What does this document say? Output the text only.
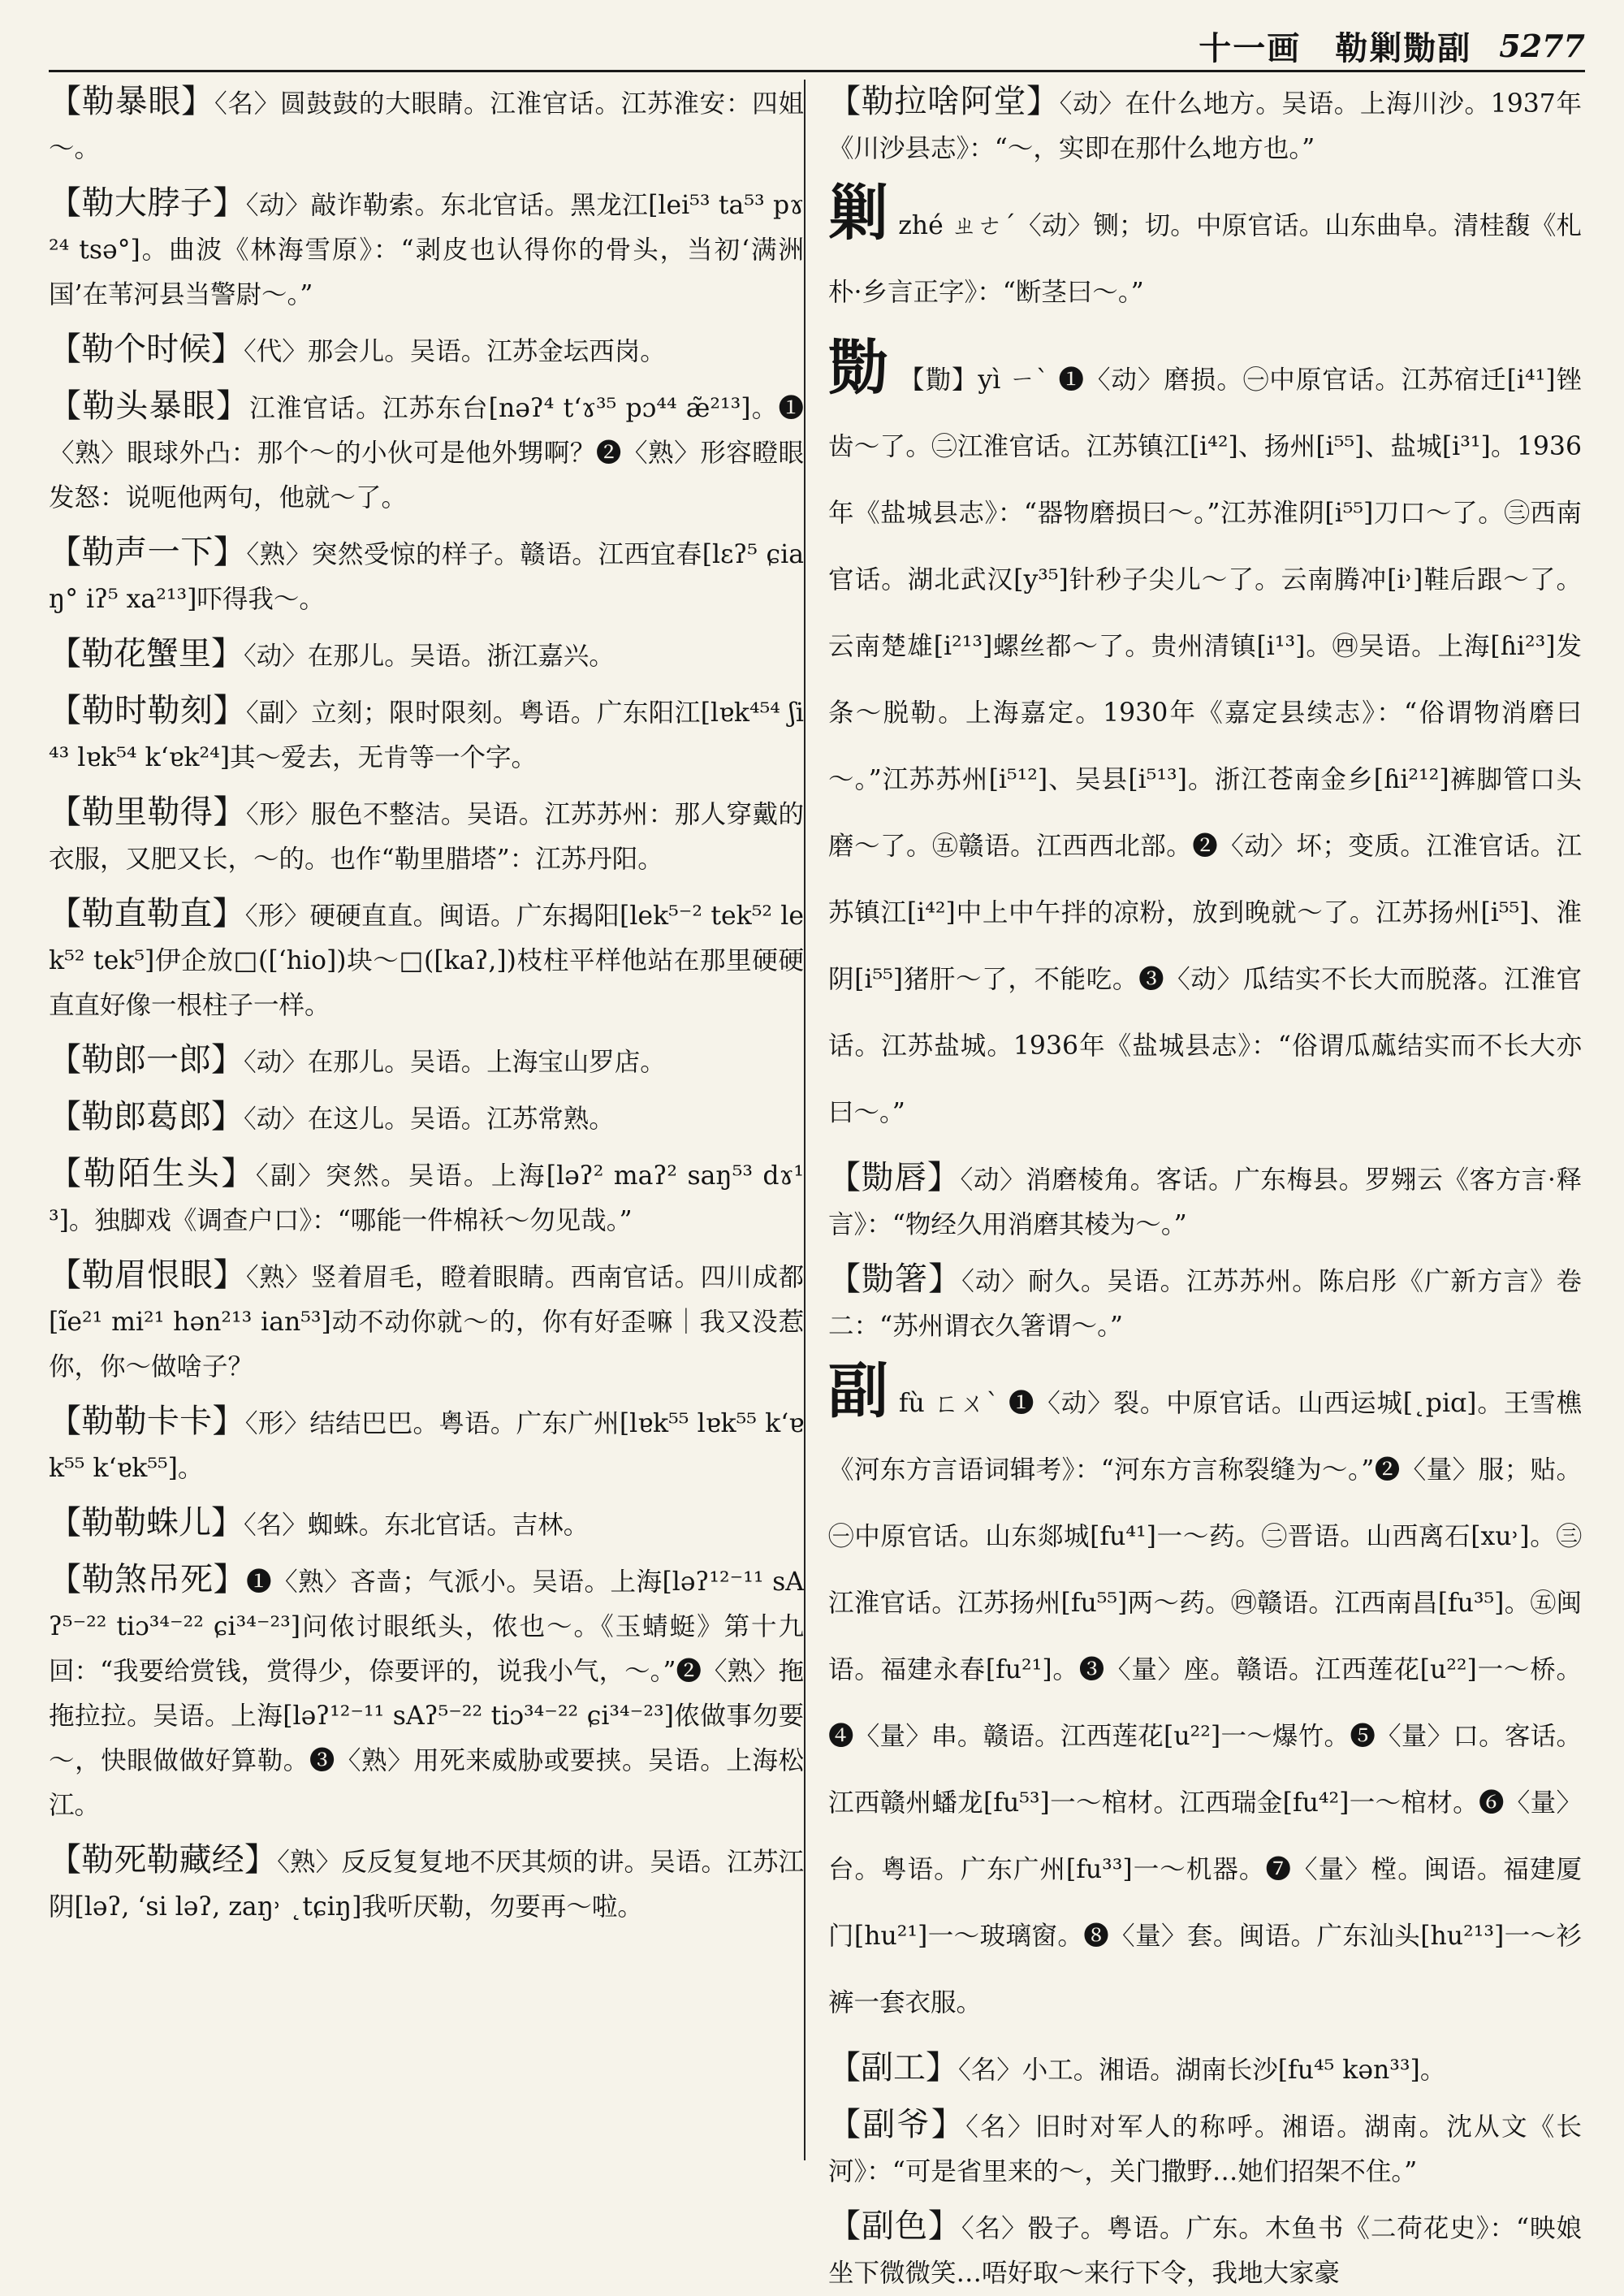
十一画　勒剿勚副 5277
【勒暴眼】〈名〉圆鼓鼓的大眼睛。江淮官话。江苏淮安：四姐～。
【勒大脖子】〈动〉敲诈勒索。东北官话。黑龙江[lei⁵³ ta⁵³ pɤ²⁴ tsə°]。曲波《林海雪原》：“剥皮也认得你的骨头，当初‘满洲国’在苇河县当警尉～。”
【勒个时候】〈代〉那会儿。吴语。江苏金坛西岗。
【勒头暴眼】江淮官话。江苏东台[nəʔ⁴ t‘ɤ³⁵ pɔ⁴⁴ æ̃²¹³]。❶〈熟〉眼球外凸：那个～的小伙可是他外甥啊？❷〈熟〉形容瞪眼发怒：说呃他两句，他就～了。
【勒声一下】〈熟〉突然受惊的样子。赣语。江西宜春[lɛʔ⁵ ɕiaŋ° iʔ⁵ xa²¹³]吓得我～。
【勒花蟹里】〈动〉在那儿。吴语。浙江嘉兴。
【勒时勒刻】〈副〉立刻；限时限刻。粤语。广东阳江[lɐk⁴⁵⁴ ʃi⁴³ lɐk⁵⁴ k‘ɐk²⁴]其～爱去，无肯等一个字。
【勒里勒得】〈形〉服色不整洁。吴语。江苏苏州：那人穿戴的衣服，又肥又长，～的。也作“勒里腊塔”：江苏丹阳。
【勒直勒直】〈形〉硬硬直直。闽语。广东揭阳[lek⁵⁻² tek⁵² lek⁵² tek⁵]伊企放□([‘hio])块～□([kaʔ,])枝柱平样他站在那里硬硬直直好像一根柱子一样。
【勒郎一郎】〈动〉在那儿。吴语。上海宝山罗店。
【勒郎葛郎】〈动〉在这儿。吴语。江苏常熟。
【勒陌生头】〈副〉突然。吴语。上海[ləʔ² maʔ² saŋ⁵³ dɤ¹³]。独脚戏《调查户口》：“哪能一件棉袄～勿见哉。”
【勒眉恨眼】〈熟〉竖着眉毛，瞪着眼睛。西南官话。四川成都[ĩe²¹ mi²¹ hən²¹³ ian⁵³]动不动你就～的，你有好歪嘛｜我又没惹你，你～做啥子？
【勒勒卡卡】〈形〉结结巴巴。粤语。广东广州[lɐk⁵⁵ lɐk⁵⁵ k‘ɐk⁵⁵ k‘ɐk⁵⁵]。
【勒勒蛛儿】〈名〉蜘蛛。东北官话。吉林。
【勒煞吊死】❶〈熟〉吝啬；气派小。吴语。上海[ləʔ¹²⁻¹¹ sAʔ⁵⁻²² tiɔ³⁴⁻²² ɕi³⁴⁻²³]问侬讨眼纸头，侬也～。《玉蜻蜓》第十九回：“我要给赏钱，赏得少，倷要评的，说我小气，～。”❷〈熟〉拖拖拉拉。吴语。上海[ləʔ¹²⁻¹¹ sAʔ⁵⁻²² tiɔ³⁴⁻²² ɕi³⁴⁻²³]侬做事勿要～，快眼做做好算勒。❸〈熟〉用死来威胁或要挟。吴语。上海松江。
【勒死勒藏经】〈熟〉反反复复地不厌其烦的讲。吴语。江苏江阴[ləʔ, ‘si ləʔ, zaŋ˒ ˛tɕiŋ]我听厌勒，勿要再～啦。
【勒拉啥阿堂】〈动〉在什么地方。吴语。上海川沙。1937年《川沙县志》：“～，实即在那什么地方也。”
剿zhé ㄓㄜˊ〈动〉铡；切。中原官话。山东曲阜。清桂馥《札朴·乡言正字》：“断茎曰～。”
勚 【勩】yì ㄧˋ ❶〈动〉磨损。㊀中原官话。江苏宿迁[i⁴¹]锉齿～了。㊁江淮官话。江苏镇江[i⁴²]、扬州[i⁵⁵]、盐城[i³¹]。1936年《盐城县志》：“器物磨损曰～。”江苏淮阴[i⁵⁵]刀口～了。㊂西南官话。湖北武汉[y³⁵]针秒子尖儿～了。云南腾冲[i˒]鞋后跟～了。云南楚雄[i²¹³]螺丝都～了。贵州清镇[i¹³]。㊃吴语。上海[ɦi²³]发条～脱勒。上海嘉定。1930年《嘉定县续志》：“俗谓物消磨曰～。”江苏苏州[i⁵¹²]、吴县[i⁵¹³]。浙江苍南金乡[ɦi²¹²]裤脚管口头磨～了。㊄赣语。江西西北部。❷〈动〉坏；变质。江淮官话。江苏镇江[i⁴²]中上中午拌的凉粉，放到晚就～了。江苏扬州[i⁵⁵]、淮阴[i⁵⁵]猪肝～了，不能吃。❸〈动〉瓜结实不长大而脱落。江淮官话。江苏盐城。1936年《盐城县志》：“俗谓瓜蓏结实而不长大亦曰～。”
【勚唇】〈动〉消磨棱角。客话。广东梅县。罗翙云《客方言·释言》：“物经久用消磨其棱为～。”
【勚箸】〈动〉耐久。吴语。江苏苏州。陈启彤《广新方言》卷二：“苏州谓衣久箸谓～。”
副fù ㄈㄨˋ ❶〈动〉裂。中原官话。山西运城[˛piɑ]。王雪樵《河东方言语词辑考》：“河东方言称裂缝为～。”❷〈量〉服；贴。㊀中原官话。山东郯城[fu⁴¹]一～药。㊁晋语。山西离石[xu˒]。㊂江淮官话。江苏扬州[fu⁵⁵]两～药。㊃赣语。江西南昌[fu³⁵]。㊄闽语。福建永春[fu²¹]。❸〈量〉座。赣语。江西莲花[u²²]一～桥。❹〈量〉串。赣语。江西莲花[u²²]一～爆竹。❺〈量〉口。客话。江西赣州蟠龙[fu⁵³]一～棺材。江西瑞金[fu⁴²]一～棺材。❻〈量〉台。粤语。广东广州[fu³³]一～机器。❼〈量〉樘。闽语。福建厦门[hu²¹]一～玻璃窗。❽〈量〉套。闽语。广东汕头[hu²¹³]一～衫裤一套衣服。
【副工】〈名〉小工。湘语。湖南长沙[fu⁴⁵ kən³³]。
【副爷】〈名〉旧时对军人的称呼。湘语。湖南。沈从文《长河》：“可是省里来的～，关门撒野…她们招架不住。”
【副色】〈名〉骰子。粤语。广东。木鱼书《二荷花史》：“映娘坐下微微笑…唔好取～来行下令，我地大家豪
